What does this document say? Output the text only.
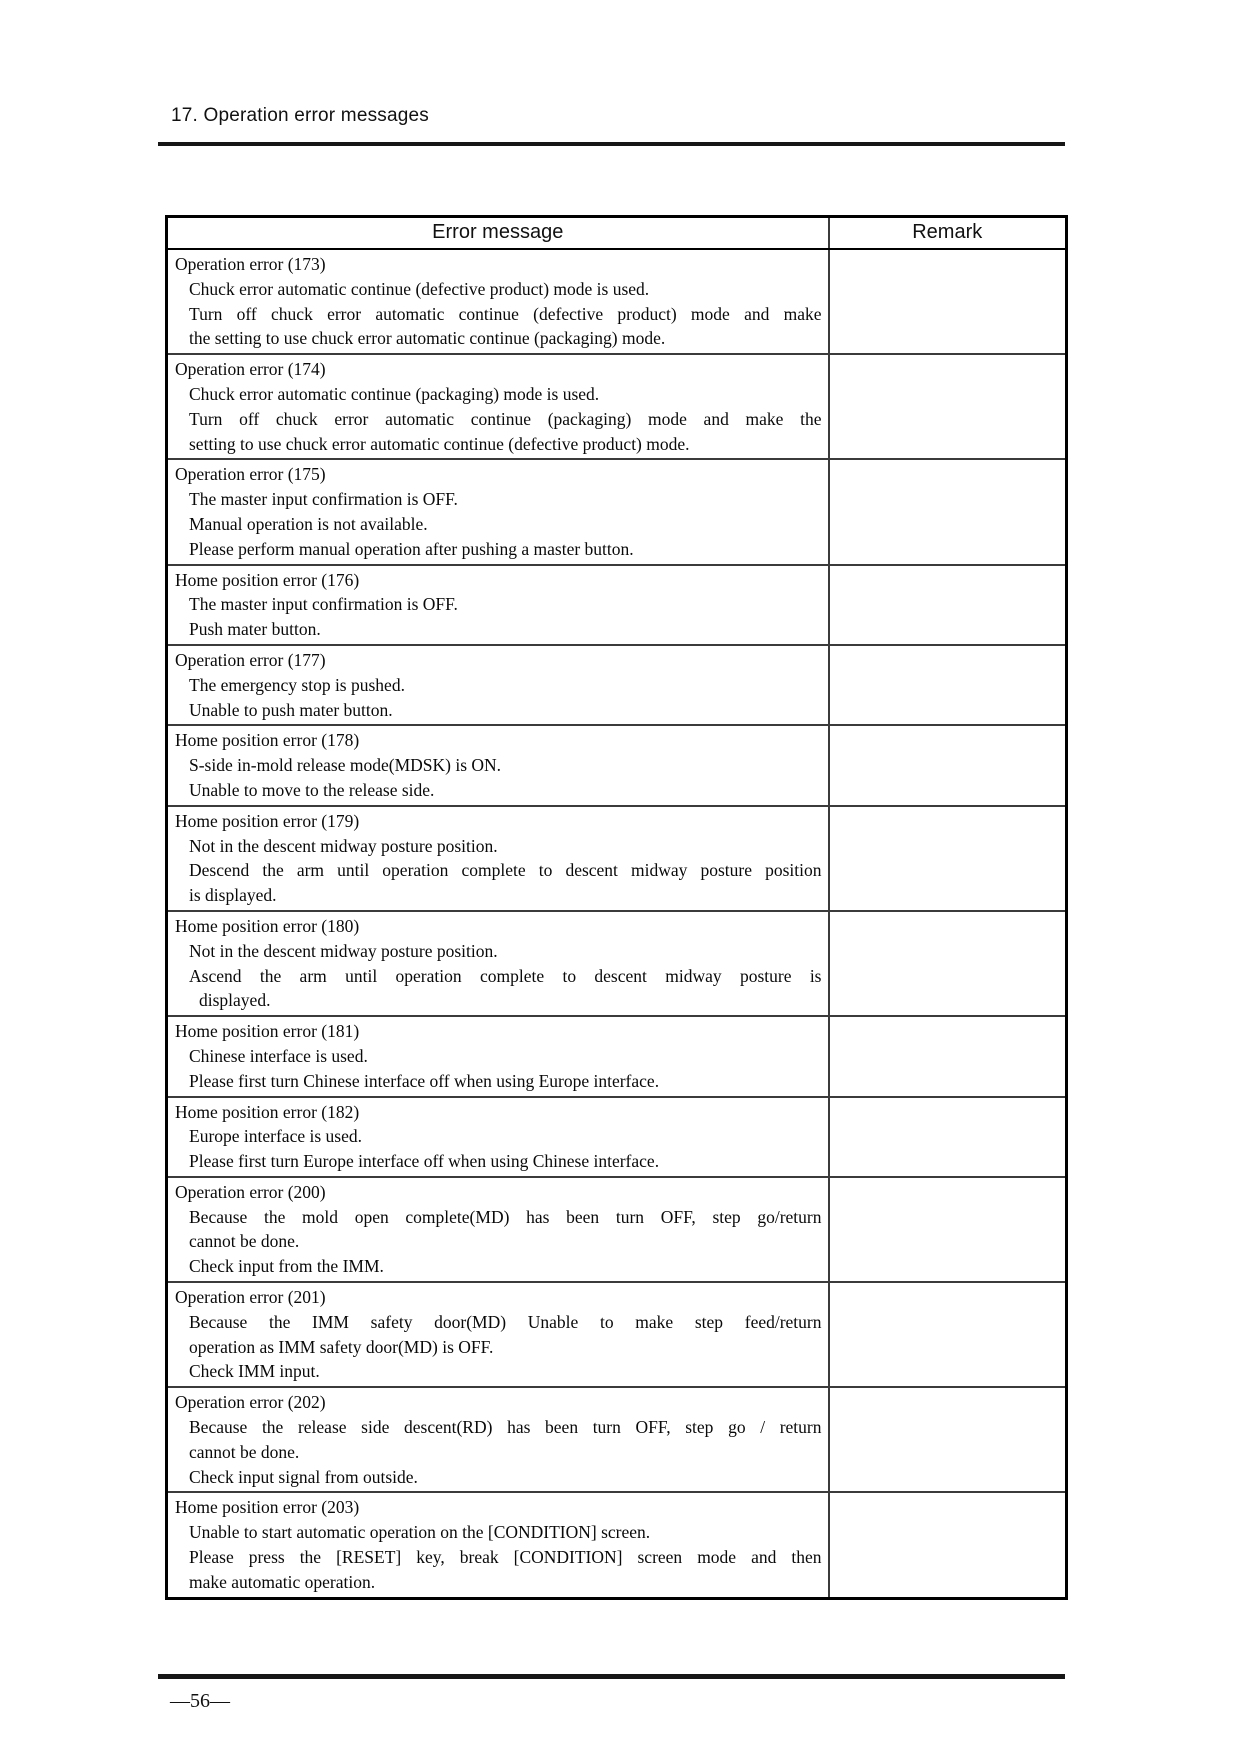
17. Operation error messages
Error message	Remark

Operation error (173)
Chuck error automatic continue (defective product) mode is used.
Turn off chuck error automatic continue (defective product) mode and make
the setting to use chuck error automatic continue (packaging) mode.	

Operation error (174)
Chuck error automatic continue (packaging) mode is used.
Turn off chuck error automatic continue (packaging) mode and make the
setting to use chuck error automatic continue (defective product) mode.	

Operation error (175)
The master input confirmation is OFF.
Manual operation is not available.
Please perform manual operation after pushing a master button.	

Home position error (176)
The master input confirmation is OFF.
Push mater button.	

Operation error (177)
The emergency stop is pushed.
Unable to push mater button.	

Home position error (178)
S-side in-mold release mode(MDSK) is ON.
Unable to move to the release side.	

Home position error (179)
Not in the descent midway posture position.
Descend the arm until operation complete to descent midway posture position
is displayed.	

Home position error (180)
Not in the descent midway posture position.
Ascend the arm until operation complete to descent midway posture is
displayed.	

Home position error (181)
Chinese interface is used.
Please first turn Chinese interface off when using Europe interface.	

Home position error (182)
Europe interface is used.
Please first turn Europe interface off when using Chinese interface.	

Operation error (200)
Because the mold open complete(MD) has been turn OFF, step go/return
cannot be done.
Check input from the IMM.	

Operation error (201)
Because the IMM safety door(MD) Unable to make step feed/return
operation as IMM safety door(MD) is OFF.
Check IMM input.	

Operation error (202)
Because the release side descent(RD) has been turn OFF, step go / return
cannot be done.
Check input signal from outside.	

Home position error (203)
Unable to start automatic operation on the [CONDITION] screen.
Please press the [RESET] key, break [CONDITION] screen mode and then
make automatic operation.	

—56—
